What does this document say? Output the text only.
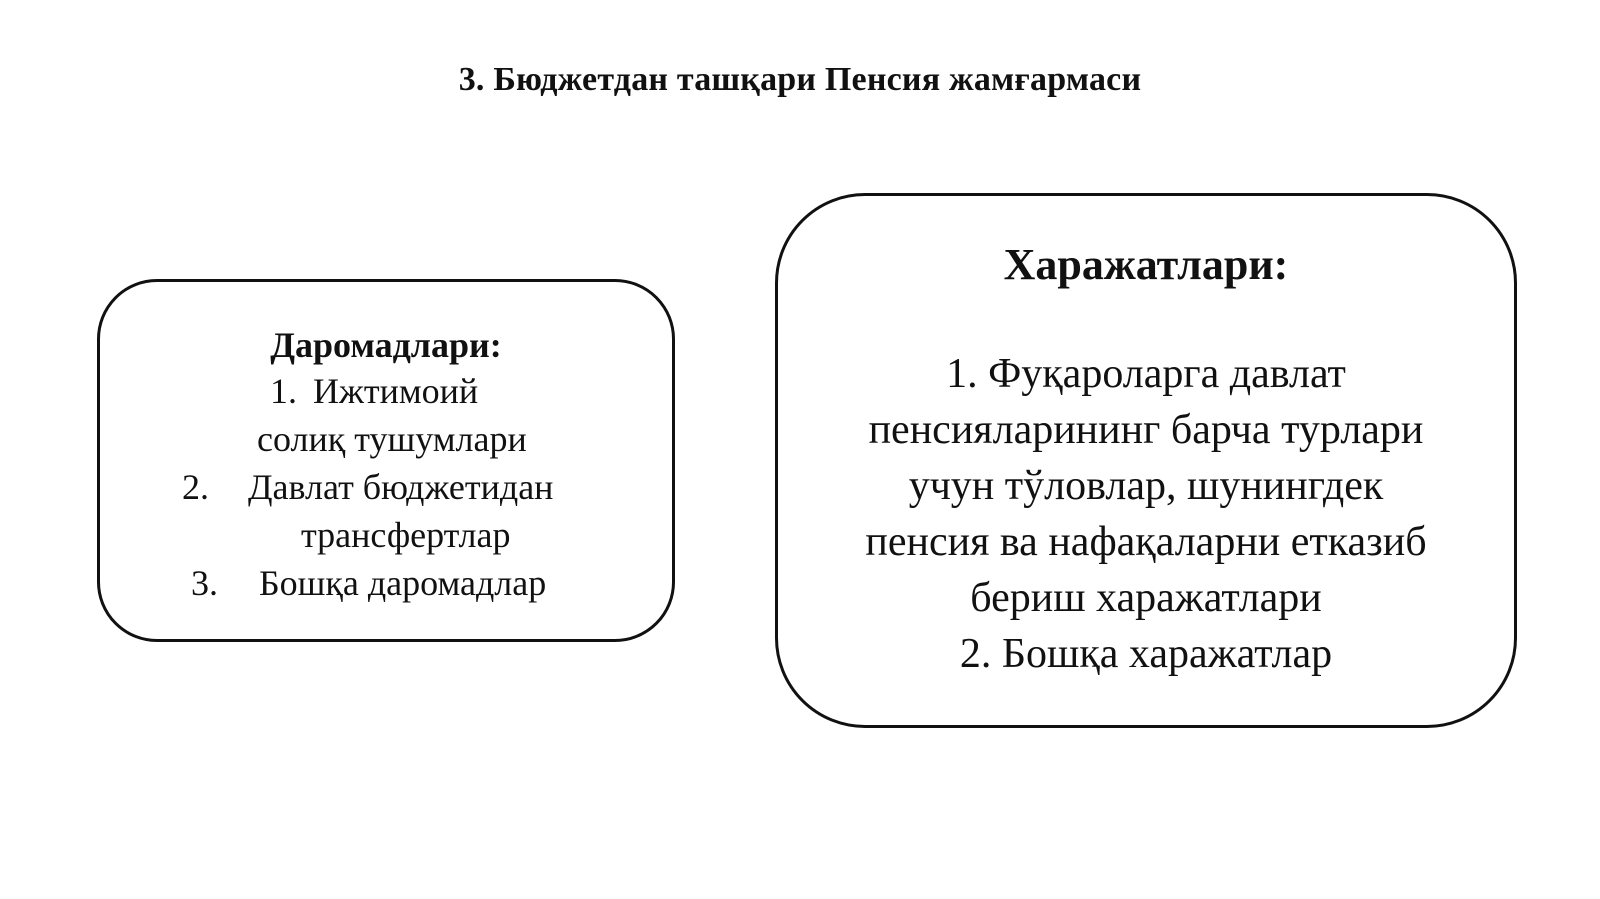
3. Бюджетдан ташқари Пенсия жамғармаси
Даромадлари:
1. Ижтимоий
солиқ тушумлари
2. Давлат бюджетидан
трансфертлар
3. Бошқа даромадлар
Харажатлари:
1. Фуқароларга давлат
пенсияларининг барча турлари
учун тўловлар, шунингдек
пенсия ва нафақаларни етказиб
бериш харажатлари
2. Бошқа харажатлар
